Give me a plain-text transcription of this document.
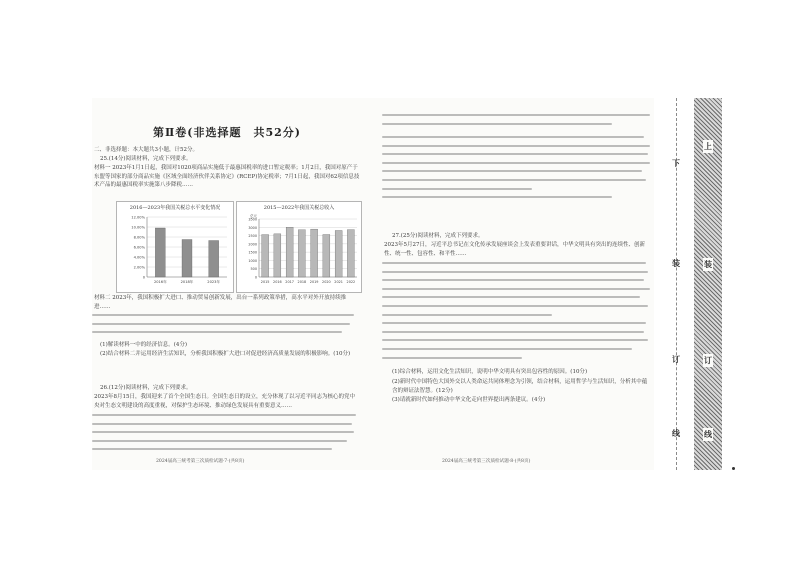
第Ⅱ卷(非选择题　共52分)

二、非选择题：本大题共3小题，计52分。

25.(14分)阅读材料，完成下列要求。

材料一 2023年1月1日起，我国对1020项商品实施低于最惠国税率的进口暂定税率；1月2日，我国对原产于东盟等国家的部分商品实施《区域全面经济伙伴关系协定》(RCEP)协定税率；7月1日起，我国对62项信息技术产品的最惠国税率实施第八步降税……

2016—2023年我国关税总水平变化情况
0
2.00%
4.00%
6.00%
8.00%
10.00%
12.00%
2016年	2018年	2023年
2015—2022年我国关税总收入
0
500
1000
1500
2000
2500
3000
3500
2015 2016 2017 2018 2019 2020 2021 2022
亿元

材料二 2023年，我国积极扩大进口、推动贸易创新发展，出台一系列政策举措，高水平对外开放持续推进……

(1)解读材料一中的经济信息。(4分)

(2)结合材料二并运用经济生活知识，分析我国积极扩大进口对促进经济高质量发展的积极影响。(10分)

26.(12分)阅读材料，完成下列要求。

2023年8月15日，我国迎来了首个全国生态日。全国生态日的设立，充分体现了以习近平同志为核心的党中央对生态文明建设的高度重视，对保护生态环境、推动绿色发展具有重要意义……

2024届高三统考第三次质检试题·7·(共8页)

27.(25分)阅读材料，完成下列要求。

2023年5月27日，习近平总书记在文化传承发展座谈会上发表重要讲话，中华文明具有突出的连续性、创新性、统一性、包容性、和平性……

(1)综合材料，运用文化生活知识，说明中华文明具有突出包容性的原因。(10分)

(2)新时代中国特色大国外交以人类命运共同体理念为引领，结合材料，运用哲学与生活知识，分析其中蕴含的辩证法智慧。(12分)

(3)请就新时代如何推动中华文化走向世界提出两条建议。(4分)

2024届高三统考第三次质检试题·8·(共8页)
下
装
订
线
上
装
订
线
